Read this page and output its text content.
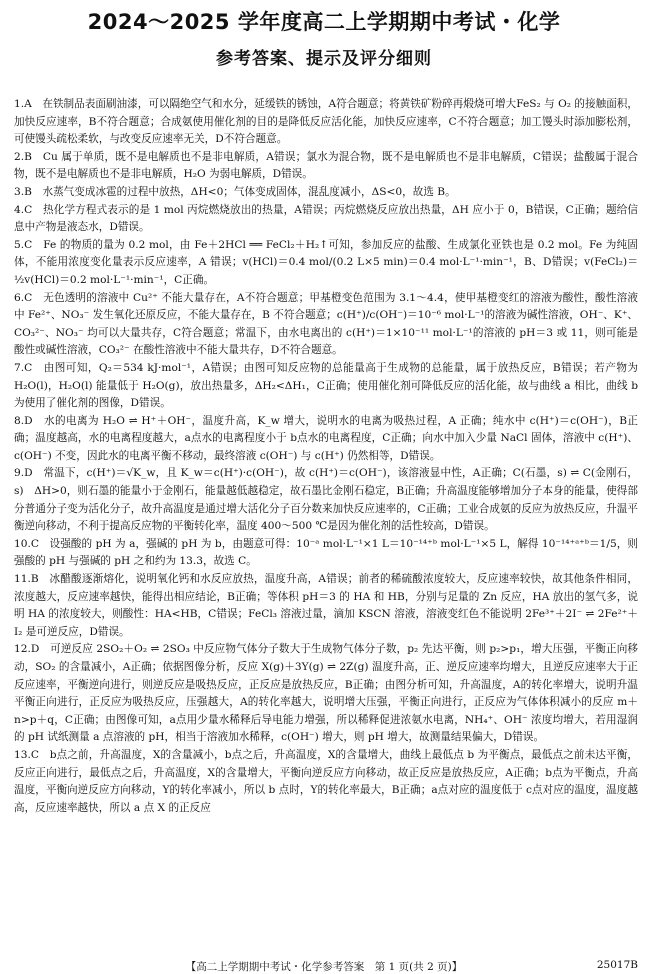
2024～2025 学年度高二上学期期中考试・化学
参考答案、提示及评分细则

1.A　在铁制品表面刷油漆，可以隔绝空气和水分，延缓铁的锈蚀，A符合题意；将黄铁矿粉碎再煅烧可增大FeS₂ 与 O₂ 的接触面积，加快反应速率，B不符合题意；合成氨使用催化剂的目的是降低反应活化能，加快反应速率，C不符合题意；加工馒头时添加膨松剂，可使馒头疏松柔软，与改变反应速率无关，D不符合题意。

2.B　Cu 属于单质，既不是电解质也不是非电解质，A错误；氯水为混合物，既不是电解质也不是非电解质，C错误；盐酸属于混合物，既不是电解质也不是非电解质，H₂O 为弱电解质，D错误。

3.B　水蒸气变成冰雹的过程中放热，ΔH<0；气体变成固体，混乱度减小，ΔS<0，故选 B。

4.C　热化学方程式表示的是 1 mol 丙烷燃烧放出的热量，A错误；丙烷燃烧反应放出热量，ΔH 应小于 0，B错误，C正确；题给信息中产物是液态水，D错误。

5.C　Fe 的物质的量为 0.2 mol，由 Fe＋2HCl ══ FeCl₂＋H₂↑可知，参加反应的盐酸、生成氯化亚铁也是 0.2 mol。Fe 为纯固体，不能用浓度变化量表示反应速率，A 错误；v(HCl)＝0.4 mol/(0.2 L×5 min)＝0.4 mol·L⁻¹·min⁻¹，B、D错误；v(FeCl₂)＝½v(HCl)＝0.2 mol·L⁻¹·min⁻¹，C正确。

6.C　无色透明的溶液中 Cu²⁺ 不能大量存在，A不符合题意；甲基橙变色范围为 3.1～4.4，使甲基橙变红的溶液为酸性，酸性溶液中 Fe²⁺、NO₃⁻ 发生氧化还原反应，不能大量存在，B 不符合题意；c(H⁺)/c(OH⁻)＝10⁻⁶ mol·L⁻¹的溶液为碱性溶液，OH⁻、K⁺、CO₃²⁻、NO₃⁻ 均可以大量共存，C符合题意；常温下，由水电离出的 c(H⁺)＝1×10⁻¹¹ mol·L⁻¹的溶液的 pH＝3 或 11，则可能是酸性或碱性溶液，CO₃²⁻ 在酸性溶液中不能大量共存，D不符合题意。

7.C　由图可知，Q₂＝534 kJ·mol⁻¹，A错误；由图可知反应物的总能量高于生成物的总能量，属于放热反应，B错误；若产物为 H₂O(l)，H₂O(l) 能量低于 H₂O(g)，放出热量多，ΔH₂<ΔH₁，C正确；使用催化剂可降低反应的活化能，故与曲线 a 相比，曲线 b 为使用了催化剂的图像，D错误。

8.D　水的电离为 H₂O ⇌ H⁺＋OH⁻，温度升高，K_w 增大，说明水的电离为吸热过程，A 正确；纯水中 c(H⁺)＝c(OH⁻)，B正确；温度越高，水的电离程度越大，a点水的电离程度小于 b点水的电离程度，C正确；向水中加入少量 NaCl 固体，溶液中 c(H⁺)、c(OH⁻) 不变，因此水的电离平衡不移动，最终溶液 c(OH⁻) 与 c(H⁺) 仍然相等，D错误。

9.D　常温下，c(H⁺)＝√K_w，且 K_w＝c(H⁺)·c(OH⁻)，故 c(H⁺)＝c(OH⁻)，该溶液显中性，A正确；C(石墨，s) ⇌ C(金刚石，s)　ΔH>0，则石墨的能量小于金刚石，能量越低越稳定，故石墨比金刚石稳定，B正确；升高温度能够增加分子本身的能量，使得部分普通分子变为活化分子，故升高温度是通过增大活化分子百分数来加快反应速率的，C正确；工业合成氨的反应为放热反应，升温平衡逆向移动，不利于提高反应物的平衡转化率，温度 400～500 ℃是因为催化剂的活性较高，D错误。

10.C　设强酸的 pH 为 a，强碱的 pH 为 b，由题意可得：10⁻ᵃ mol·L⁻¹×1 L＝10⁻¹⁴⁺ᵇ mol·L⁻¹×5 L，解得 10⁻¹⁴⁺ᵃ⁺ᵇ＝1/5，则强酸的 pH 与强碱的 pH 之和约为 13.3，故选 C。

11.B　冰醋酸逐渐熔化，说明氧化钙和水反应放热，温度升高，A错误；前者的稀硫酸浓度较大，反应速率较快，故其他条件相同，浓度越大，反应速率越快，能得出相应结论，B正确；等体积 pH＝3 的 HA 和 HB，分别与足量的 Zn 反应，HA 放出的氢气多，说明 HA 的浓度较大，则酸性：HA<HB，C错误；FeCl₃ 溶液过量，滴加 KSCN 溶液，溶液变红色不能说明 2Fe³⁺＋2I⁻ ⇌ 2Fe²⁺＋I₂ 是可逆反应，D错误。

12.D　可逆反应 2SO₂＋O₂ ⇌ 2SO₃ 中反应物气体分子数大于生成物气体分子数，p₂ 先达平衡，则 p₂>p₁，增大压强，平衡正向移动，SO₂ 的含量减小，A正确；依据图像分析，反应 X(g)＋3Y(g) ⇌ 2Z(g) 温度升高，正、逆反应速率均增大，且逆反应速率大于正反应速率，平衡逆向进行，则逆反应是吸热反应，正反应是放热反应，B正确；由图分析可知，升高温度，A的转化率增大，说明升温平衡正向进行，正反应为吸热反应，压强越大，A的转化率越大，说明增大压强，平衡正向进行，正反应为气体体积减小的反应 m＋n>p＋q，C正确；由图像可知，a点用少量水稀释后导电能力增强，所以稀释促进浓氨水电离，NH₄⁺、OH⁻ 浓度均增大，若用湿润的 pH 试纸测量 a 点溶液的 pH，相当于溶液加水稀释，c(OH⁻) 增大，则 pH 增大，故测量结果偏大，D错误。

13.C　b点之前，升高温度，X的含量减小，b点之后，升高温度，X的含量增大，曲线上最低点 b 为平衡点，最低点之前未达平衡，反应正向进行，最低点之后，升高温度，X的含量增大，平衡向逆反应方向移动，故正反应是放热反应，A正确；b点为平衡点，升高温度，平衡向逆反应方向移动，Y的转化率减小，所以 b 点时，Y的转化率最大，B正确；a点对应的温度低于 c点对应的温度，温度越高，反应速率越快，所以 a 点 X 的正反应

【高二上学期期中考试・化学参考答案　第 1 页(共 2 页)】	25017B
